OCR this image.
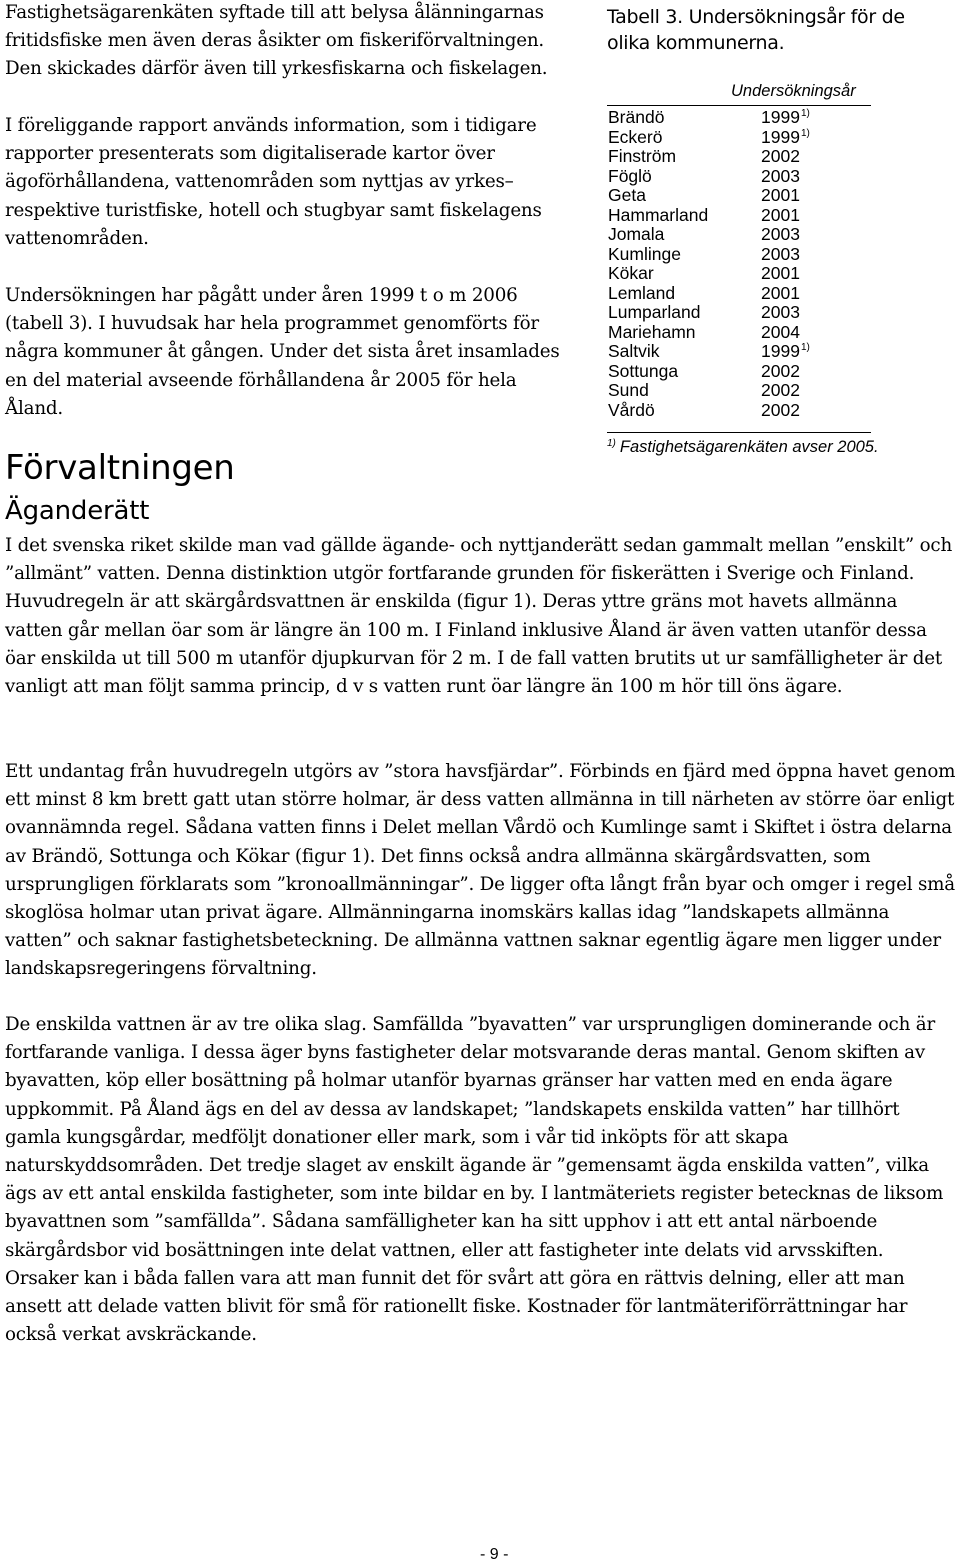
Fastighetsägarenkäten syftade till att belysa ålänningarnas fritidsfiske men även deras åsikter om fiskeriförvaltningen. Den skickades därför även till yrkesfiskarna och fiskelagen.

I föreliggande rapport används information, som i tidigare rapporter presenterats som digitaliserade kartor över ägoförhållandena, vattenområden som nyttjas av yrkes– respektive turistfiske, hotell och stugbyar samt fiskelagens vattenområden.

Undersökningen har pågått under åren 1999 t o m 2006 (tabell 3). I huvudsak har hela programmet genomförts för några kommuner åt gången. Under det sista året insamlades en del material avseende förhållandena år 2005 för hela Åland.

Tabell 3. Undersökningsår för de olika kommunerna.

Undersökningsår
Brändö	1999$^{1)}$
Eckerö	1999$^{1)}$
Finström	2002
Föglö	2003
Geta	2001
Hammarland	2001
Jomala	2003
Kumlinge	2003
Kökar	2001
Lemland	2001
Lumparland	2003
Mariehamn	2004
Saltvik	1999$^{1)}$
Sottunga	2002
Sund	2002
Vårdö	2002
$^{1)}$ Fastighetsägarenkäten avser 2005.
Förvaltningen
Äganderätt

I det svenska riket skilde man vad gällde ägande- och nyttjanderätt sedan gammalt mellan ”enskilt” och ”allmänt” vatten. Denna distinktion utgör fortfarande grunden för fiskerätten i Sverige och Finland. Huvudregeln är att skärgårdsvattnen är enskilda (figur 1). Deras yttre gräns mot havets allmänna vatten går mellan öar som är längre än 100 m. I Finland inklusive Åland är även vatten utanför dessa öar enskilda ut till 500 m utanför djupkurvan för 2 m. I de fall vatten brutits ut ur samfälligheter är det vanligt att man följt samma princip, d v s vatten runt öar längre än 100 m hör till öns ägare.

Ett undantag från huvudregeln utgörs av ”stora havsfjärdar”. Förbinds en fjärd med öppna havet genom ett minst 8 km brett gatt utan större holmar, är dess vatten allmänna in till närheten av större öar enligt ovannämnda regel. Sådana vatten finns i Delet mellan Vårdö och Kumlinge samt i Skiftet i östra delarna av Brändö, Sottunga och Kökar (figur 1). Det finns också andra allmänna skärgårdsvatten, som ursprungligen förklarats som ”kronoallmänningar”. De ligger ofta långt från byar och omger i regel små skoglösa holmar utan privat ägare. Allmänningarna inomskärs kallas idag ”landskapets allmänna vatten” och saknar fastighetsbeteckning. De allmänna vattnen saknar egentlig ägare men ligger under landskapsregeringens förvaltning.

De enskilda vattnen är av tre olika slag. Samfällda ”byavatten” var ursprungligen dominerande och är fortfarande vanliga. I dessa äger byns fastigheter delar motsvarande deras mantal. Genom skiften av byavatten, köp eller bosättning på holmar utanför byarnas gränser har vatten med en enda ägare uppkommit. På Åland ägs en del av dessa av landskapet; ”landskapets enskilda vatten” har tillhört gamla kungsgårdar, medföljt donationer eller mark, som i vår tid inköpts för att skapa naturskyddsområden. Det tredje slaget av enskilt ägande är ”gemensamt ägda enskilda vatten”, vilka ägs av ett antal enskilda fastigheter, som inte bildar en by. I lantmäteriets register betecknas de liksom byavattnen som ”samfällda”. Sådana samfälligheter kan ha sitt upphov i att ett antal närboende skärgårdsbor vid bosättningen inte delat vattnen, eller att fastigheter inte delats vid arvsskiften. Orsaker kan i båda fallen vara att man funnit det för svårt att göra en rättvis delning, eller att man ansett att delade vatten blivit för små för rationellt fiske. Kostnader för lantmäteriförrättningar har också verkat avskräckande.

- 9 -
